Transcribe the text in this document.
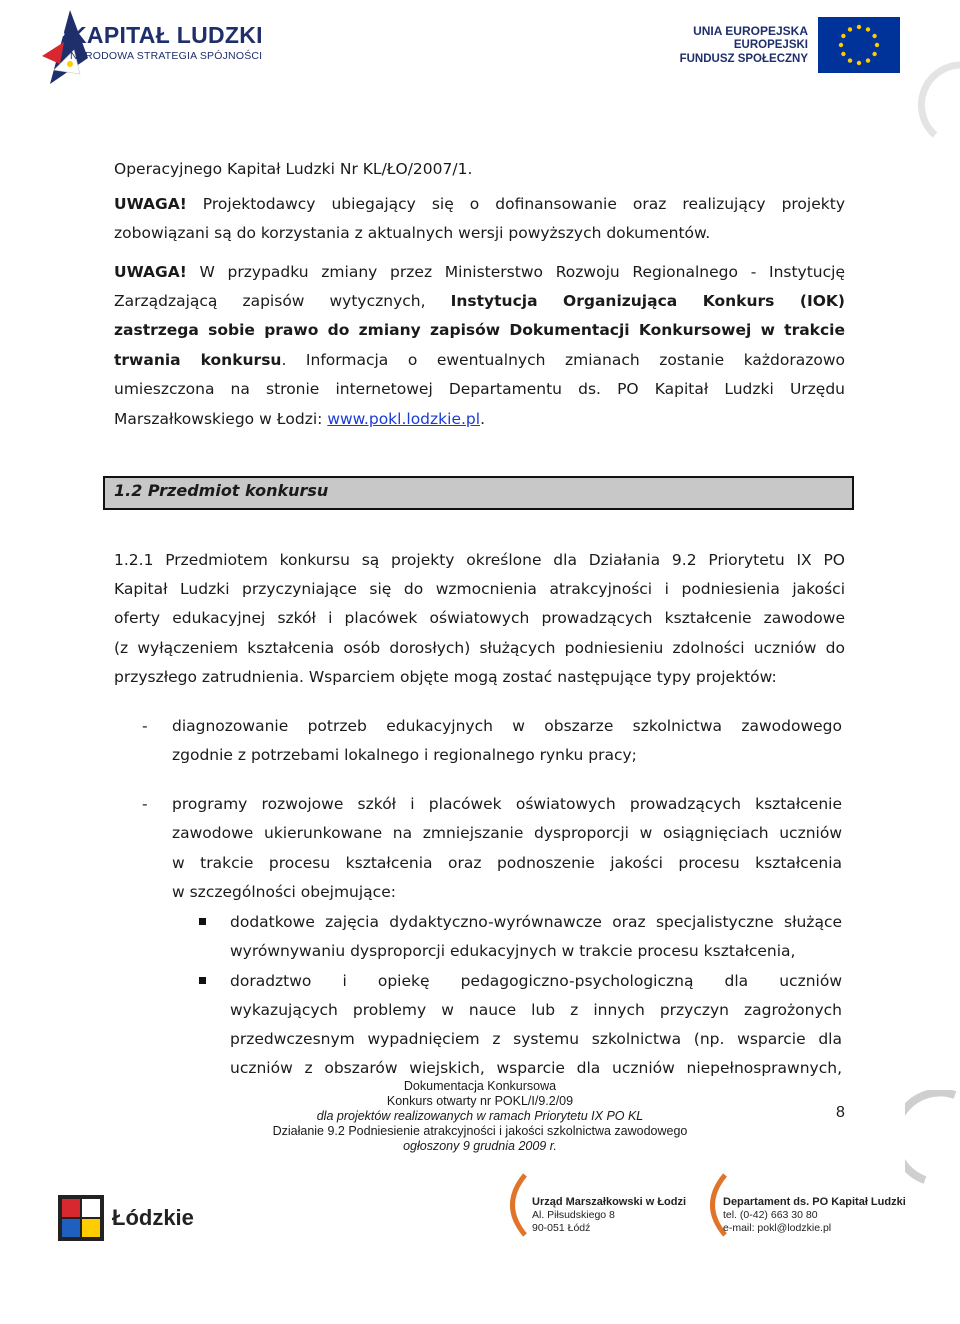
KAPITAŁ LUDZKI
NARODOWA STRATEGIA SPÓJNOŚCI
UNIA EUROPEJSKA
EUROPEJSKI
FUNDUSZ SPOŁECZNY
Operacyjnego Kapitał Ludzki Nr KL/ŁO/2007/1.
UWAGA! Projektodawcy ubiegający się o dofinansowanie oraz realizujący projekty
zobowiązani są do korzystania z aktualnych wersji powyższych dokumentów.
UWAGA! W przypadku zmiany przez Ministerstwo Rozwoju Regionalnego - Instytucję
Zarządzającą zapisów wytycznych, Instytucja Organizująca Konkurs (IOK)
zastrzega sobie prawo do zmiany zapisów Dokumentacji Konkursowej w trakcie
trwania konkursu. Informacja o ewentualnych zmianach zostanie każdorazowo
umieszczona na stronie internetowej Departamentu ds. PO Kapitał Ludzki Urzędu
Marszałkowskiego w Łodzi: www.pokl.lodzkie.pl.
1.2 Przedmiot konkursu
1.2.1 Przedmiotem konkursu są projekty określone dla Działania 9.2 Priorytetu IX PO
Kapitał Ludzki przyczyniające się do wzmocnienia atrakcyjności i podniesienia jakości
oferty edukacyjnej szkół i placówek oświatowych prowadzących kształcenie zawodowe
(z wyłączeniem kształcenia osób dorosłych) służących podniesieniu zdolności uczniów do
przyszłego zatrudnienia. Wsparciem objęte mogą zostać następujące typy projektów:
- diagnozowanie potrzeb edukacyjnych w obszarze szkolnictwa zawodowego
zgodnie z potrzebami lokalnego i regionalnego rynku pracy;
- programy rozwojowe szkół i placówek oświatowych prowadzących kształcenie
zawodowe ukierunkowane na zmniejszanie dysproporcji w osiągnięciach uczniów
w trakcie procesu kształcenia oraz podnoszenie jakości procesu kształcenia
w szczególności obejmujące:
dodatkowe zajęcia dydaktyczno-wyrównawcze oraz specjalistyczne służące
wyrównywaniu dysproporcji edukacyjnych w trakcie procesu kształcenia,
doradztwo i opiekę pedagogiczno-psychologiczną dla uczniów
wykazujących problemy w nauce lub z innych przyczyn zagrożonych
przedwczesnym wypadnięciem z systemu szkolnictwa (np. wsparcie dla
uczniów z obszarów wiejskich, wsparcie dla uczniów niepełnosprawnych,
Dokumentacja Konkursowa
Konkurs otwarty nr POKL/I/9.2/09
dla projektów realizowanych w ramach Priorytetu IX PO KL
Działanie 9.2 Podniesienie atrakcyjności i jakości szkolnictwa zawodowego
ogłoszony 9 grudnia 2009 r.
8
Łódzkie
Urząd Marszałkowski w Łodzi
Al. Piłsudskiego 8
90-051 Łódź
Departament ds. PO Kapitał Ludzki
tel. (0-42) 663 30 80
e-mail: pokl@lodzkie.pl
